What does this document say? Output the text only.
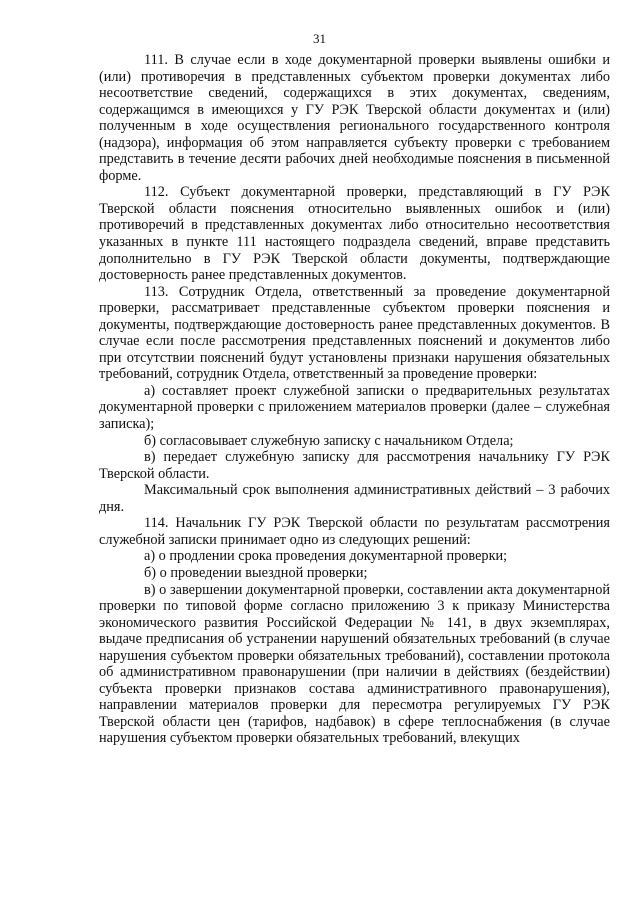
31

111. В случае если в ходе документарной проверки выявлены ошибки и (или) противоречия в представленных субъектом проверки документах либо несоответствие сведений, содержащихся в этих документах, сведениям, содержащимся в имеющихся у ГУ РЭК Тверской области документах и (или) полученным в ходе осуществления регионального государственного контроля (надзора), информация об этом направляется субъекту проверки с требованием представить в течение десяти рабочих дней необходимые пояснения в письменной форме.

112. Субъект документарной проверки, представляющий в ГУ РЭК Тверской области пояснения относительно выявленных ошибок и (или) противоречий в представленных документах либо относительно несоответствия указанных в пункте 111 настоящего подраздела сведений, вправе представить дополнительно в ГУ РЭК Тверской области документы, подтверждающие достоверность ранее представленных документов.

113. Сотрудник Отдела, ответственный за проведение документарной проверки, рассматривает представленные субъектом проверки пояснения и документы, подтверждающие достоверность ранее представленных документов. В случае если после рассмотрения представленных пояснений и документов либо при отсутствии пояснений будут установлены признаки нарушения обязательных требований, сотрудник Отдела, ответственный за проведение проверки:

а) составляет проект служебной записки о предварительных результатах документарной проверки с приложением материалов проверки (далее – служебная записка);

б) согласовывает служебную записку с начальником Отдела;

в) передает служебную записку для рассмотрения начальнику ГУ РЭК Тверской области.

Максимальный срок выполнения административных действий – 3 рабочих дня.

114. Начальник ГУ РЭК Тверской области по результатам рассмотрения служебной записки принимает одно из следующих решений:

а) о продлении срока проведения документарной проверки;

б) о проведении выездной проверки;

в) о завершении документарной проверки, составлении акта документарной проверки по типовой форме согласно приложению 3 к приказу Министерства экономического развития Российской Федерации № 141, в двух экземплярах, выдаче предписания об устранении нарушений обязательных требований (в случае нарушения субъектом проверки обязательных требований), составлении протокола об административном правонарушении (при наличии в действиях (бездействии) субъекта проверки признаков состава административного правонарушения), направлении материалов проверки для пересмотра регулируемых ГУ РЭК Тверской области цен (тарифов, надбавок) в сфере теплоснабжения (в случае нарушения субъектом проверки обязательных требований, влекущих
